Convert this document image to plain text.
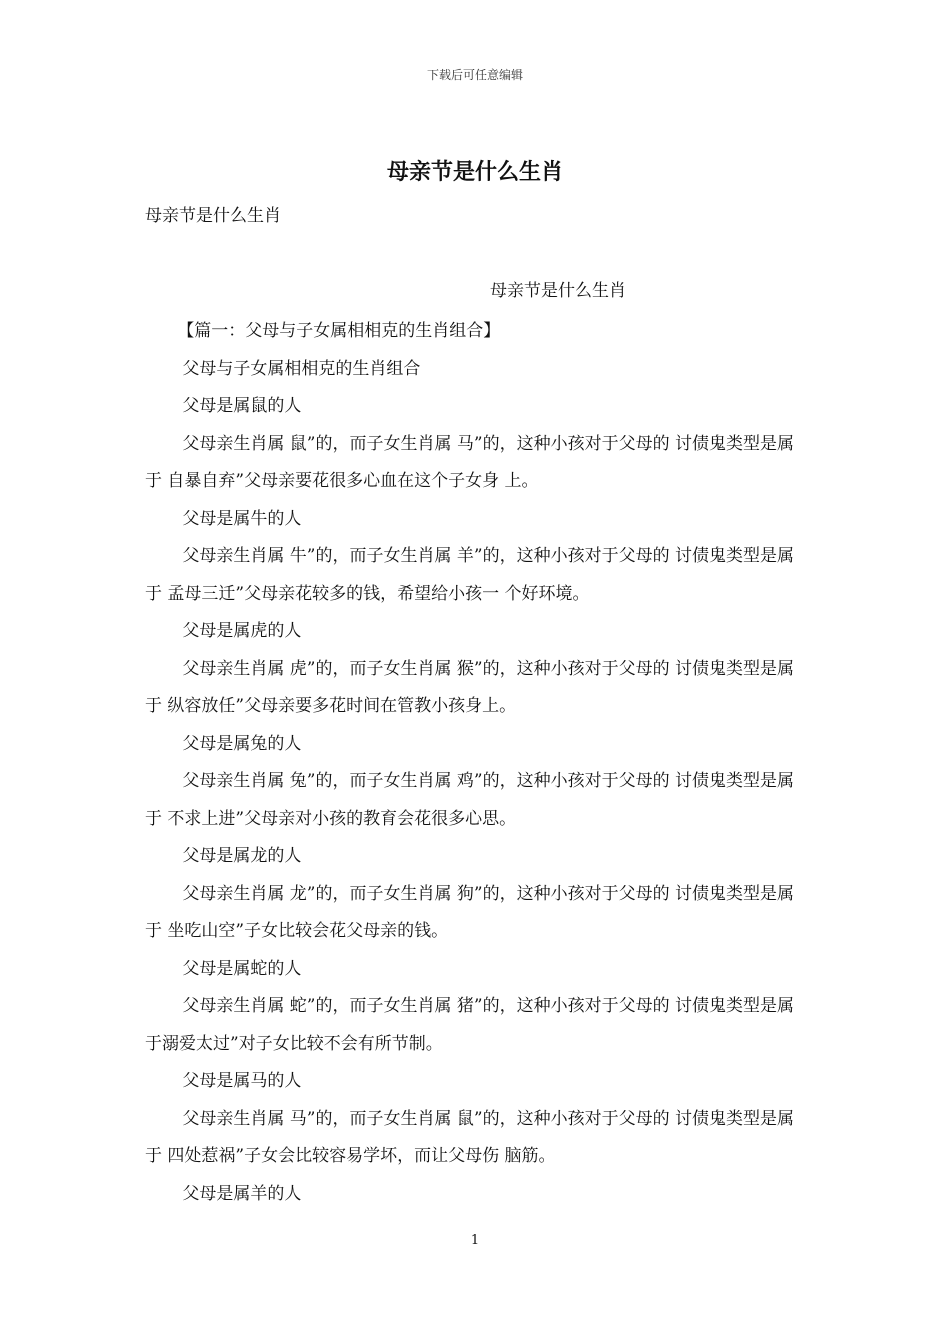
下载后可任意编辑
母亲节是什么生肖
母亲节是什么生肖
母亲节是什么生肖

【篇一：父母与子女属相相克的生肖组合】

父母与子女属相相克的生肖组合

父母是属鼠的人

父母亲生肖属 鼠”的，而子女生肖属 马”的，这种小孩对于父母的 讨债鬼类型是属于 自暴自弃”父母亲要花很多心血在这个子女身 上。

父母是属牛的人

父母亲生肖属 牛”的，而子女生肖属 羊”的，这种小孩对于父母的 讨债鬼类型是属于 孟母三迁”父母亲花较多的钱，希望给小孩一 个好环境。

父母是属虎的人

父母亲生肖属 虎”的，而子女生肖属 猴”的，这种小孩对于父母的 讨债鬼类型是属于 纵容放任”父母亲要多花时间在管教小孩身上。

父母是属兔的人

父母亲生肖属 兔”的，而子女生肖属 鸡”的，这种小孩对于父母的 讨债鬼类型是属于 不求上进”父母亲对小孩的教育会花很多心思。

父母是属龙的人

父母亲生肖属 龙”的，而子女生肖属 狗”的，这种小孩对于父母的 讨债鬼类型是属于 坐吃山空”子女比较会花父母亲的钱。

父母是属蛇的人

父母亲生肖属 蛇”的，而子女生肖属 猪”的，这种小孩对于父母的 讨债鬼类型是属于溺爱太过”对子女比较不会有所节制。

父母是属马的人

父母亲生肖属 马”的，而子女生肖属 鼠”的，这种小孩对于父母的 讨债鬼类型是属于 四处惹祸”子女会比较容易学坏，而让父母伤 脑筋。

父母是属羊的人

1
